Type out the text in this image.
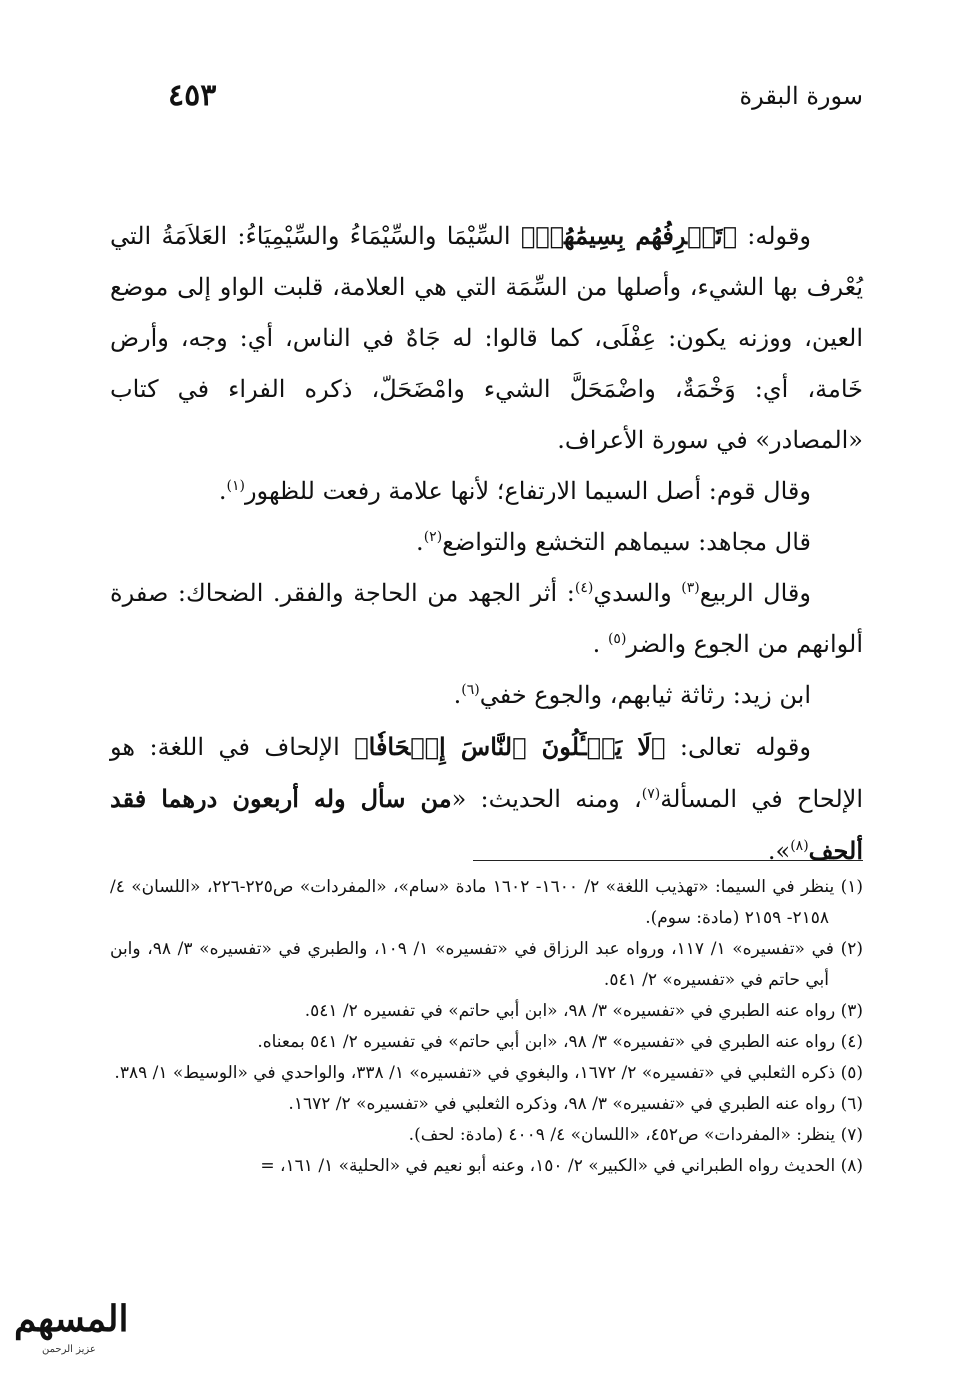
سورة البقرة
٤٥٣

وقوله: ﴿تَعۡرِفُهُم بِسِيمَٰهُمۡ﴾ السِّيْمَا والسِّيْمَاءُ والسِّيْمِيَاءُ: العَلاَمَةُ التي يُعْرف بها الشيء، وأصلها من السِّمَة التي هي العلامة، قلبت الواو إلى موضع العين، ووزنه يكون: عِفْلَى، كما قالوا: له جَاهٌ في الناس، أي: وجه، وأرض خَامة، أي: وَخْمَةٌ، واضْمَحَلَّ الشيء وامْضَحَلّ، ذكره الفراء في كتاب «المصادر» في سورة الأعراف.

وقال قوم: أصل السيما الارتفاع؛ لأنها علامة رفعت للظهور$^{(١)}$.

قال مجاهد: سيماهم التخشع والتواضع$^{(٢)}$.

وقال الربيع$^{(٣)}$ والسدي$^{(٤)}$: أثر الجهد من الحاجة والفقر. الضحاك: صفرة ألوانهم من الجوع والضر$^{(٥)}$ .

ابن زيد: رثاثة ثيابهم، والجوع خفي$^{(٦)}$.

وقوله تعالى: ﴿لَا يَسۡـَٔلُونَ ٱلنَّاسَ إِلۡحَافٗا﴾ الإلحاف في اللغة: هو الإلحاح في المسألة$^{(٧)}$، ومنه الحديث: «من سأل وله أربعون درهما فقد ألحف$^{(٨)}$».

(١) ينظر في السيما: «تهذيب اللغة» ٢/ ١٦٠٠- ١٦٠٢ مادة «سام»، «المفردات» ص٢٢٥-٢٢٦، «اللسان» ٤/ ٢١٥٨- ٢١٥٩ (مادة: سوم).

(٢) في «تفسيره» ١/ ١١٧، ورواه عبد الرزاق في «تفسيره» ١/ ١٠٩، والطبري في «تفسيره» ٣/ ٩٨، وابن أبي حاتم في «تفسيره» ٢/ ٥٤١.

(٣) رواه عنه الطبري في «تفسيره» ٣/ ٩٨، «ابن أبي حاتم» في تفسيره ٢/ ٥٤١.

(٤) رواه عنه الطبري في «تفسيره» ٣/ ٩٨، «ابن أبي حاتم» في تفسيره ٢/ ٥٤١ بمعناه.

(٥) ذكره الثعلبي في «تفسيره» ٢/ ١٦٧٢، والبغوي في «تفسيره» ١/ ٣٣٨، والواحدي في «الوسيط» ١/ ٣٨٩.

(٦) رواه عنه الطبري في «تفسيره» ٣/ ٩٨، وذكره الثعلبي في «تفسيره» ٢/ ١٦٧٢.

(٧) ينظر: «المفردات» ص٤٥٢، «اللسان» ٤/ ٤٠٠٩ (مادة: لحف).

(٨) الحديث رواه الطبراني في «الكبير» ٢/ ١٥٠، وعنه أبو نعيم في «الحلية» ١/ ١٦١، =

المسهم
عزيز الرحمن
